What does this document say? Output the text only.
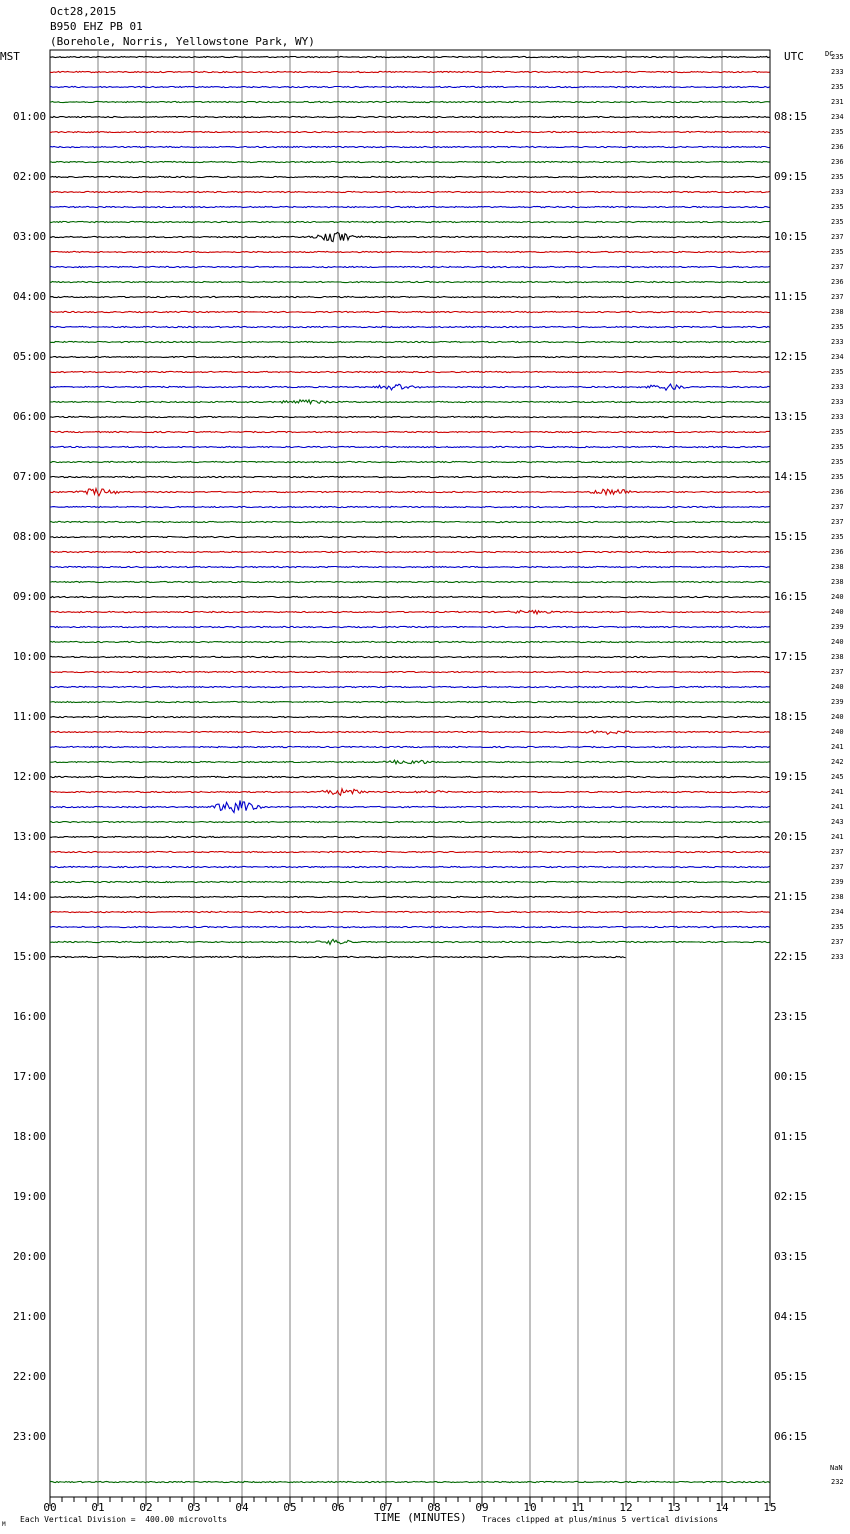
Oct28,2015
B950 EHZ PB 01
(Borehole, Norris, Yellowstone Park, WY)
MST	UTC	DC
01:00
02:00
03:00
04:00
05:00
06:00
07:00
08:00
09:00
10:00
11:00
12:00
13:00
14:00
15:00
16:00
17:00
18:00
19:00
20:00
21:00
22:00
23:00
08:15
09:15
10:15
11:15
12:15
13:15
14:15
15:15
16:15
17:15
18:15
19:15
20:15
21:15
22:15
23:15
00:15
01:15
02:15
03:15
04:15
05:15
06:15
235
233
235
231
234
235
236
236
235
233
235
235
237
235
237
236
237
238
235
233
234
235
233
233
233
235
235
235
235
236
237
237
235
236
238
238
240
240
239
240
238
237
240
239
240
240
241
242
245
241
241
243
241
237
237
239
238
234
235
237
233
00	01	02	03	04	05	06	07	08	09	10	11	12	13	14	15
NaN
232
M
Each Vertical Division =  400.00 microvolts	TIME (MINUTES) Traces clipped at plus/minus 5 vertical divisions
